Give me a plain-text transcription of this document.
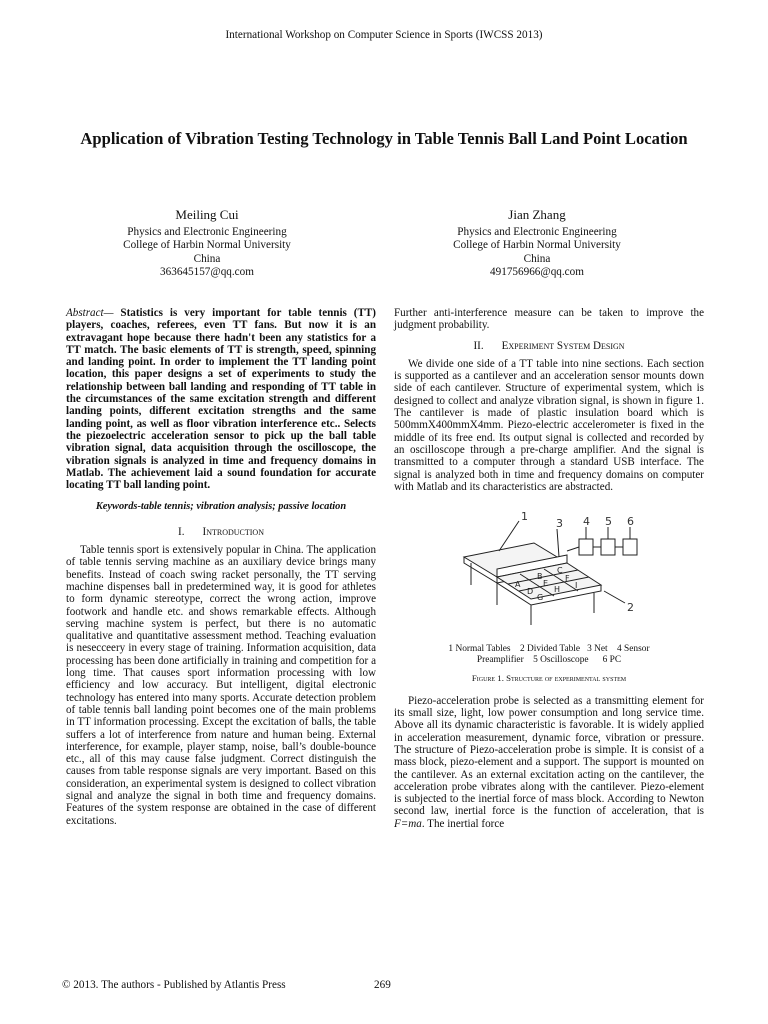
International Workshop on Computer Science in Sports (IWCSS 2013)
Application of Vibration Testing Technology in Table Tennis Ball Land Point Location
Meiling Cui
Physics and Electronic Engineering
College of Harbin Normal University
China
363645157@qq.com
Jian Zhang
Physics and Electronic Engineering
College of Harbin Normal University
China
491756966@qq.com

Abstract— Statistics is very important for table tennis (TT) players, coaches, referees, even TT fans. But now it is an extravagant hope because there hadn't been any statistics for a TT match. The basic elements of TT is strength, speed, spinning and landing point. In order to implement the TT landing point location, this paper designs a set of experiments to study the relationship between ball landing and responding of TT table in the circumstances of the same excitation strength and different landing points, different excitation strengths and the same landing point, as well as floor vibration interference etc.. Selects the piezoelectric acceleration sensor to pick up the ball table vibration signal, data acquisition through the oscilloscope, the vibration signals is analyzed in time and frequency domains in Matlab. The achievement laid a sound foundation for accurate locating TT ball landing point.

Keywords-table tennis; vibration analysis; passive location
I. Introduction

Table tennis sport is extensively popular in China. The application of table tennis serving machine as an auxiliary device brings many benefits. Instead of coach swing racket personally, the TT serving machine dispenses ball in predetermined way, it is good for athletes to form dynamic stereotype, correct the wrong action, improve footwork and handle etc. and shows remarkable effects. Although serving machine system is perfect, but there is no automatic qualitative and quantitative assessment method. Teaching evaluation is nesecceery in every stage of training. Information acquisition, data processing has been done artificially in training and competition for a long time. That causes sport information processing with low efficiency and low accuracy. But intelligent, digital electronic technology has entered into many sports. Accurate detection problem of table tennis ball landing point becomes one of the main problems in TT information processing. Except the excitation of balls, the table suffers a lot of interference from nature and human being. External interference, for example, player stamp, noise, ball’s double-bounce etc., all of this may cause false judgment. Correct distinguish the causes from table response signals are very important. Based on this consideration, an experimental system is designed to collect vibration signal and analyze the signal in both time and frequency domains. Features of the system response are obtained in the case of different excitations.

Further anti-interference measure can be taken to improve the judgment probability.

II. Experiment System Design

We divide one side of a TT table into nine sections. Each section is supported as a cantilever and an acceleration sensor mounts down side of each cantilever. Structure of experimental system, which is designed to collect and analyze vibration signal, is shown in figure 1. The cantilever is made of plastic insulation board which is 500mmX400mmX4mm. Piezo-electric accelerometer is fixed in the middle of its free end. Its output signal is collected and recorded by an oscilloscope through a pre-charge amplifier. And the signal is transmitted to a computer through a standard USB interface. The signal is analyzed both in time and frequency domains on computer with Matlab and its characteristics are abstracted.

1
2
3 4 5 6
B
C
A	E
F
D	H I
G
1 Normal Tables    2 Divided Table   3 Net    4 Sensor
Preamplifier    5 Oscilloscope      6 PC
Figure 1. Structure of experimental system

Piezo-acceleration probe is selected as a transmitting element for its small size, light, low power consumption and long service time. Above all its dynamic characteristic is favorable. It is widely applied in acceleration measurement, dynamic force, vibration or pressure. The structure of Piezo-acceleration probe is simple. It is consist of a mass block, piezo-element and a support. The support is mounted on the cantilever. As an external excitation acting on the cantilever, the acceleration probe vibrates along with the cantilever. Piezo-element is subjected to the inertial force of mass block. According to Newton second law, inertial force is the function of acceleration, that is F=ma. The inertial force

© 2013. The authors - Published by Atlantis Press	269
